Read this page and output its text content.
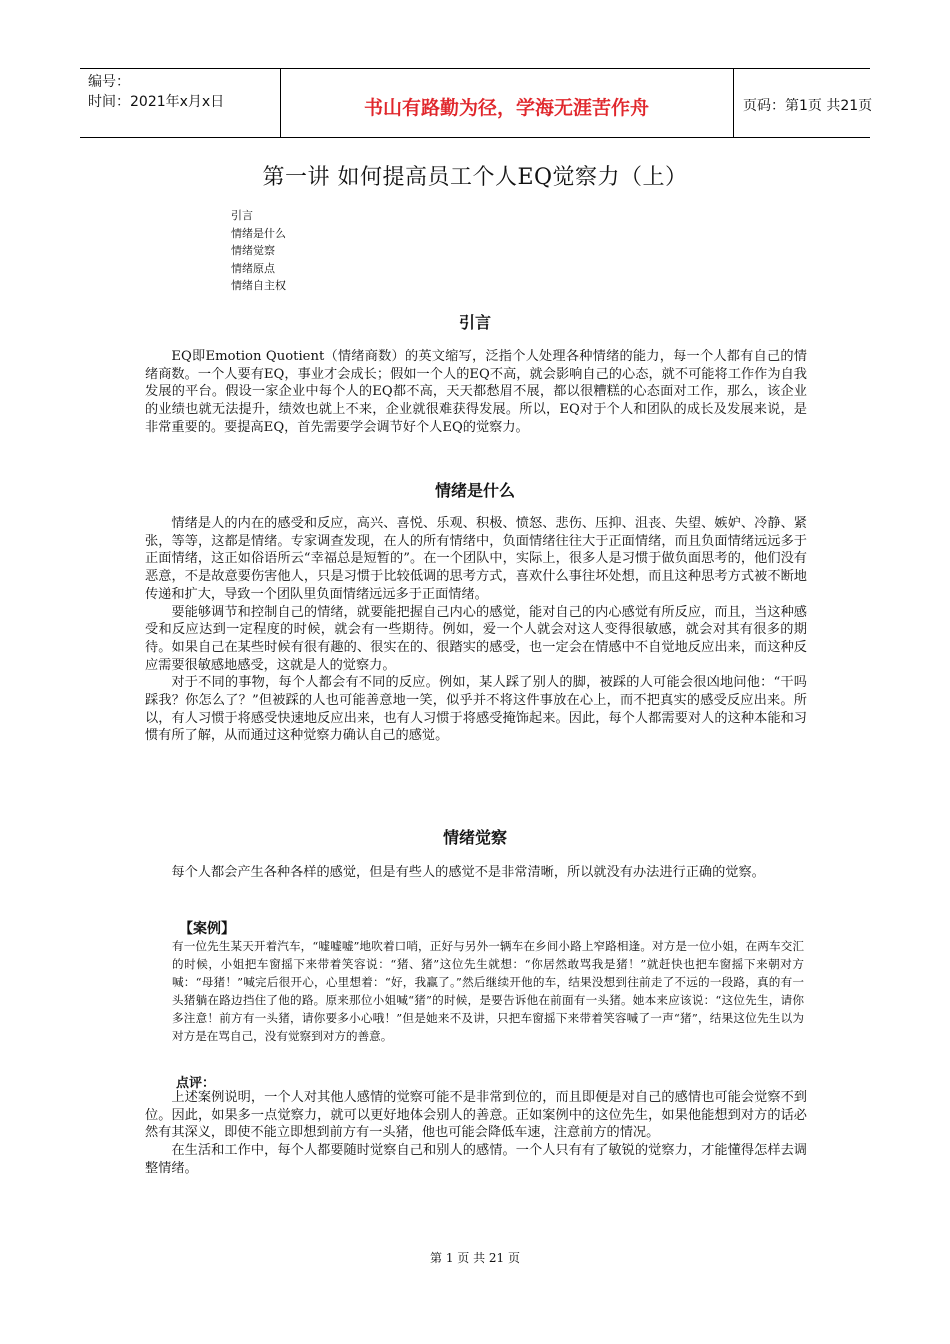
编号：
时间：2021年x月x日	书山有路勤为径，学海无涯苦作舟	页码：第1页 共21页
第一讲 如何提高员工个人EQ觉察力（上）
引言
情绪是什么
情绪觉察
情绪原点
情绪自主权
引言

EQ即Emotion Quotient（情绪商数）的英文缩写，泛指个人处理各种情绪的能力，每一个人都有自己的情绪商数。一个人要有EQ，事业才会成长；假如一个人的EQ不高，就会影响自己的心态，就不可能将工作作为自我发展的平台。假设一家企业中每个人的EQ都不高，天天都愁眉不展，都以很糟糕的心态面对工作，那么，该企业的业绩也就无法提升，绩效也就上不来，企业就很难获得发展。所以，EQ对于个人和团队的成长及发展来说，是非常重要的。要提高EQ，首先需要学会调节好个人EQ的觉察力。

情绪是什么

情绪是人的内在的感受和反应，高兴、喜悦、乐观、积极、愤怒、悲伤、压抑、沮丧、失望、嫉妒、冷静、紧张，等等，这都是情绪。专家调查发现，在人的所有情绪中，负面情绪往往大于正面情绪，而且负面情绪远远多于正面情绪，这正如俗语所云“幸福总是短暂的”。在一个团队中，实际上，很多人是习惯于做负面思考的，他们没有恶意，不是故意要伤害他人，只是习惯于比较低调的思考方式，喜欢什么事往坏处想，而且这种思考方式被不断地传递和扩大，导致一个团队里负面情绪远远多于正面情绪。

要能够调节和控制自己的情绪，就要能把握自己内心的感觉，能对自己的内心感觉有所反应，而且，当这种感受和反应达到一定程度的时候，就会有一些期待。例如，爱一个人就会对这人变得很敏感，就会对其有很多的期待。如果自己在某些时候有很有趣的、很实在的、很踏实的感受，也一定会在情感中不自觉地反应出来，而这种反应需要很敏感地感受，这就是人的觉察力。

对于不同的事物，每个人都会有不同的反应。例如，某人踩了别人的脚，被踩的人可能会很凶地问他：“干吗踩我？你怎么了？”但被踩的人也可能善意地一笑，似乎并不将这件事放在心上，而不把真实的感受反应出来。所以，有人习惯于将感受快速地反应出来，也有人习惯于将感受掩饰起来。因此，每个人都需要对人的这种本能和习惯有所了解，从而通过这种觉察力确认自己的感觉。

情绪觉察

每个人都会产生各种各样的感觉，但是有些人的感觉不是非常清晰，所以就没有办法进行正确的觉察。

【案例】

有一位先生某天开着汽车，“嘘嘘嘘”地吹着口哨，正好与另外一辆车在乡间小路上窄路相逢。对方是一位小姐，在两车交汇的时候，小姐把车窗摇下来带着笑容说：“猪、猪”这位先生就想：“你居然敢骂我是猪！”就赶快也把车窗摇下来朝对方喊：“母猪！”喊完后很开心，心里想着：“好，我赢了。”然后继续开他的车，结果没想到往前走了不远的一段路，真的有一头猪躺在路边挡住了他的路。原来那位小姐喊“猪”的时候，是要告诉他在前面有一头猪。她本来应该说：“这位先生，请你多注意！前方有一头猪，请你要多小心哦！”但是她来不及讲，只把车窗摇下来带着笑容喊了一声“猪”，结果这位先生以为对方是在骂自己，没有觉察到对方的善意。

点评：

上述案例说明，一个人对其他人感情的觉察可能不是非常到位的，而且即便是对自己的感情也可能会觉察不到位。因此，如果多一点觉察力，就可以更好地体会别人的善意。正如案例中的这位先生，如果他能想到对方的话必然有其深义，即使不能立即想到前方有一头猪，他也可能会降低车速，注意前方的情况。

在生活和工作中，每个人都要随时觉察自己和别人的感情。一个人只有有了敏锐的觉察力，才能懂得怎样去调整情绪。

第 1 页 共 21 页
